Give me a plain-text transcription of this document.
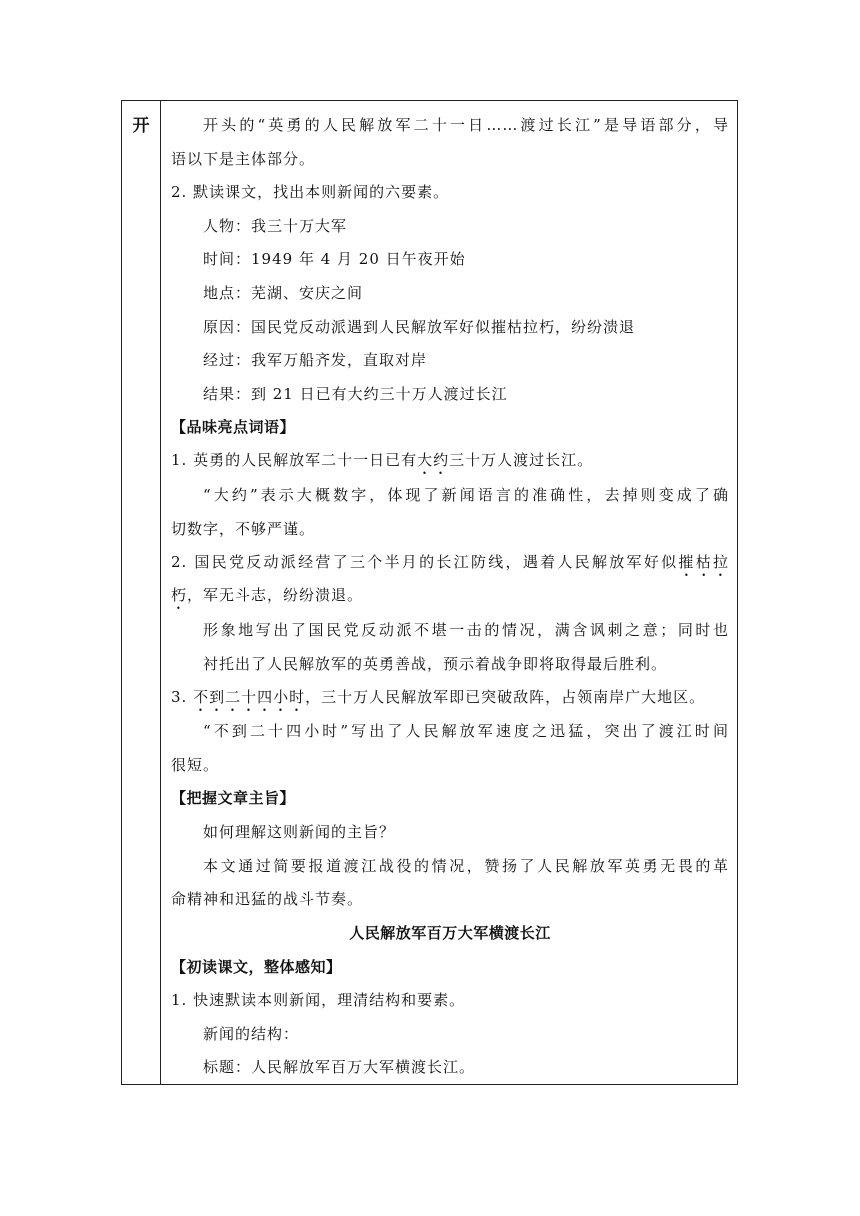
开	开头的“英勇的人民解放军二十一日……渡过长江”是导语部分，导
语以下是主体部分。
2. 默读课文，找出本则新闻的六要素。
人物：我三十万大军
时间：1949 年 4 月 20 日午夜开始
地点：芜湖、安庆之间
原因：国民党反动派遇到人民解放军好似摧枯拉朽，纷纷溃退
经过：我军万船齐发，直取对岸
结果：到 21 日已有大约三十万人渡过长江
【品味亮点词语】
1. 英勇的人民解放军二十一日已有大约三十万人渡过长江。
“大约”表示大概数字，体现了新闻语言的准确性，去掉则变成了确
切数字，不够严谨。
2. 国民党反动派经营了三个半月的长江防线，遇着人民解放军好似摧枯拉
朽，军无斗志，纷纷溃退。
形象地写出了国民党反动派不堪一击的情况，满含讽刺之意；同时也
衬托出了人民解放军的英勇善战，预示着战争即将取得最后胜利。
3. 不到二十四小时，三十万人民解放军即已突破敌阵，占领南岸广大地区。
“不到二十四小时”写出了人民解放军速度之迅猛，突出了渡江时间
很短。
【把握文章主旨】
如何理解这则新闻的主旨？
本文通过简要报道渡江战役的情况，赞扬了人民解放军英勇无畏的革
命精神和迅猛的战斗节奏。
人民解放军百万大军横渡长江
【初读课文，整体感知】
1. 快速默读本则新闻，理清结构和要素。
新闻的结构：
标题：人民解放军百万大军横渡长江。
